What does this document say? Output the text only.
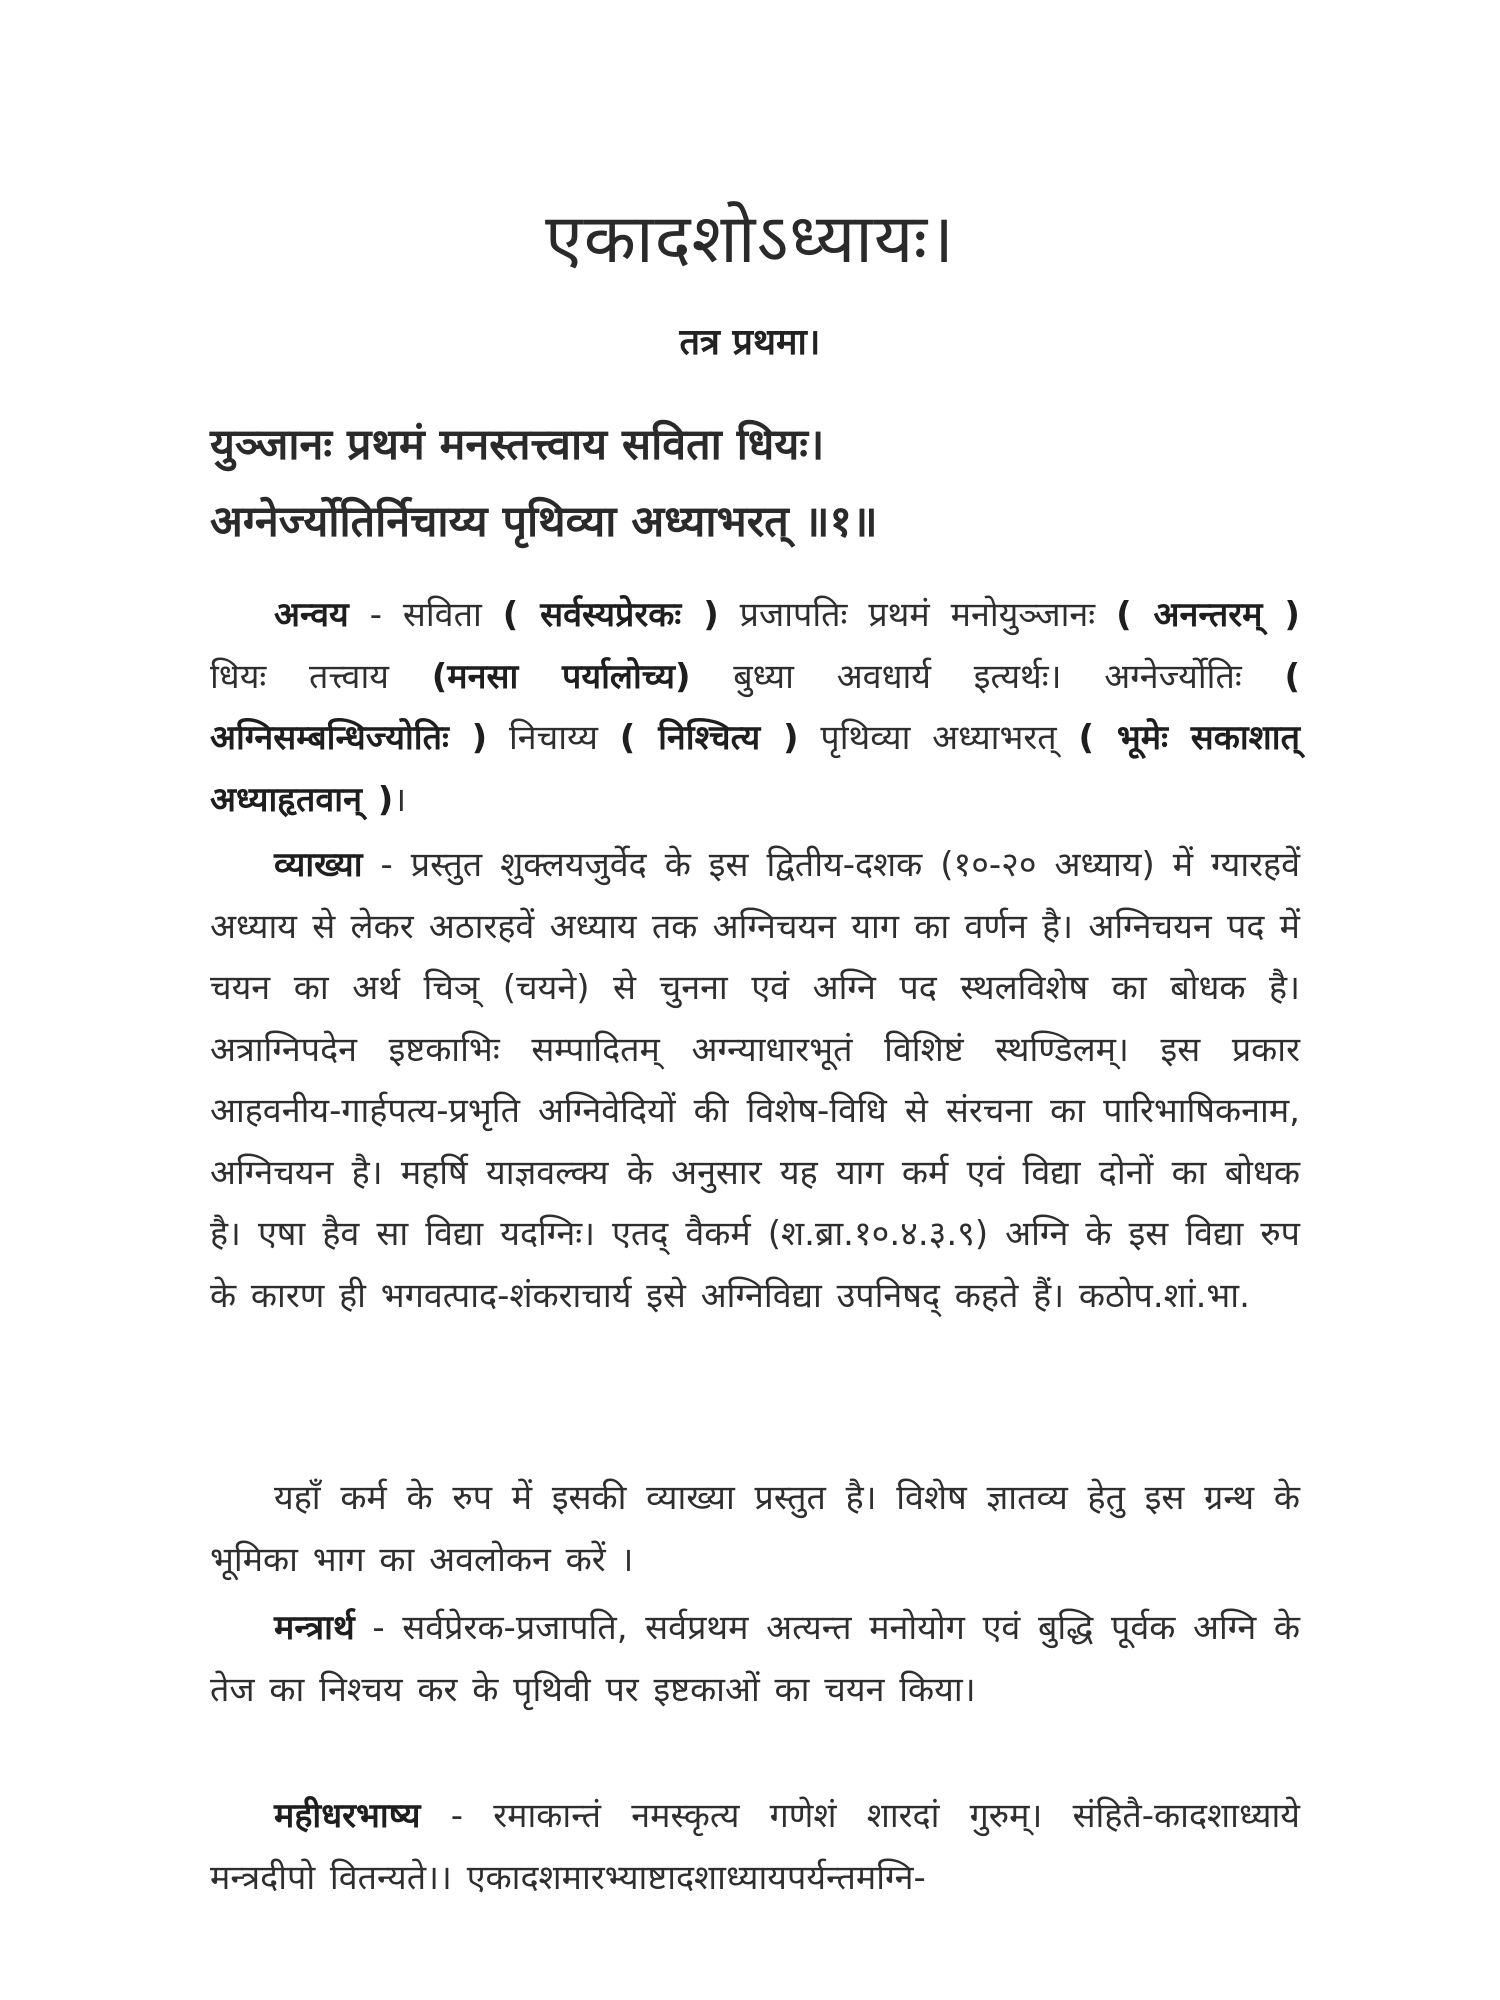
एकादशोऽध्यायः।
तत्र प्रथमा।
युञ्जानः प्रथमं मनस्तत्त्वाय सविता धियः।
अग्नेर्ज्योतिर्निचाय्य पृथिव्या अध्याभरत् ॥१॥

अन्वय - सविता ( सर्वस्यप्रेरकः ) प्रजापतिः प्रथमं मनोयुञ्जानः ( अनन्तरम् ) धियः तत्त्वाय (मनसा पर्यालोच्य) बुध्या अवधार्य इत्यर्थः। अग्नेर्ज्योतिः ( अग्निसम्बन्धिज्योतिः ) निचाय्य ( निश्चित्य ) पृथिव्या अध्याभरत् ( भूमेः सकाशात् अध्याहृतवान् )।

व्याख्या - प्रस्तुत शुक्लयजुर्वेद के इस द्वितीय-दशक (१०-२० अध्याय) में ग्यारहवें अध्याय से लेकर अठारहवें अध्याय तक अग्निचयन याग का वर्णन है। अग्निचयन पद में चयन का अर्थ चिञ् (चयने) से चुनना एवं अग्नि पद स्थलविशेष का बोधक है। अत्राग्निपदेन इष्टकाभिः सम्पादितम् अग्न्याधारभूतं विशिष्टं स्थण्डिलम्। इस प्रकार आहवनीय-गार्हपत्य-प्रभृति अग्निवेदियों की विशेष-विधि से संरचना का पारिभाषिकनाम, अग्निचयन है। महर्षि याज्ञवल्क्य के अनुसार यह याग कर्म एवं विद्या दोनों का बोधक है। एषा हैव सा विद्या यदग्निः। एतद् वैकर्म (श.ब्रा.१०.४.३.९) अग्नि के इस विद्या रुप के कारण ही भगवत्पाद-शंकराचार्य इसे अग्निविद्या उपनिषद् कहते हैं। कठोप.शां.भा.

यहाँ कर्म के रुप में इसकी व्याख्या प्रस्तुत है। विशेष ज्ञातव्य हेतु इस ग्रन्थ के भूमिका भाग का अवलोकन करें ।

मन्त्रार्थ - सर्वप्रेरक-प्रजापति, सर्वप्रथम अत्यन्त मनोयोग एवं बुद्धि पूर्वक अग्नि के तेज का निश्चय कर के पृथिवी पर इष्टकाओं का चयन किया।

महीधरभाष्य - रमाकान्तं नमस्कृत्य गणेशं शारदां गुरुम्। संहितै-कादशाध्याये मन्त्रदीपो वितन्यते।। एकादशमारभ्याष्टादशाध्यायपर्यन्तमग्नि-
